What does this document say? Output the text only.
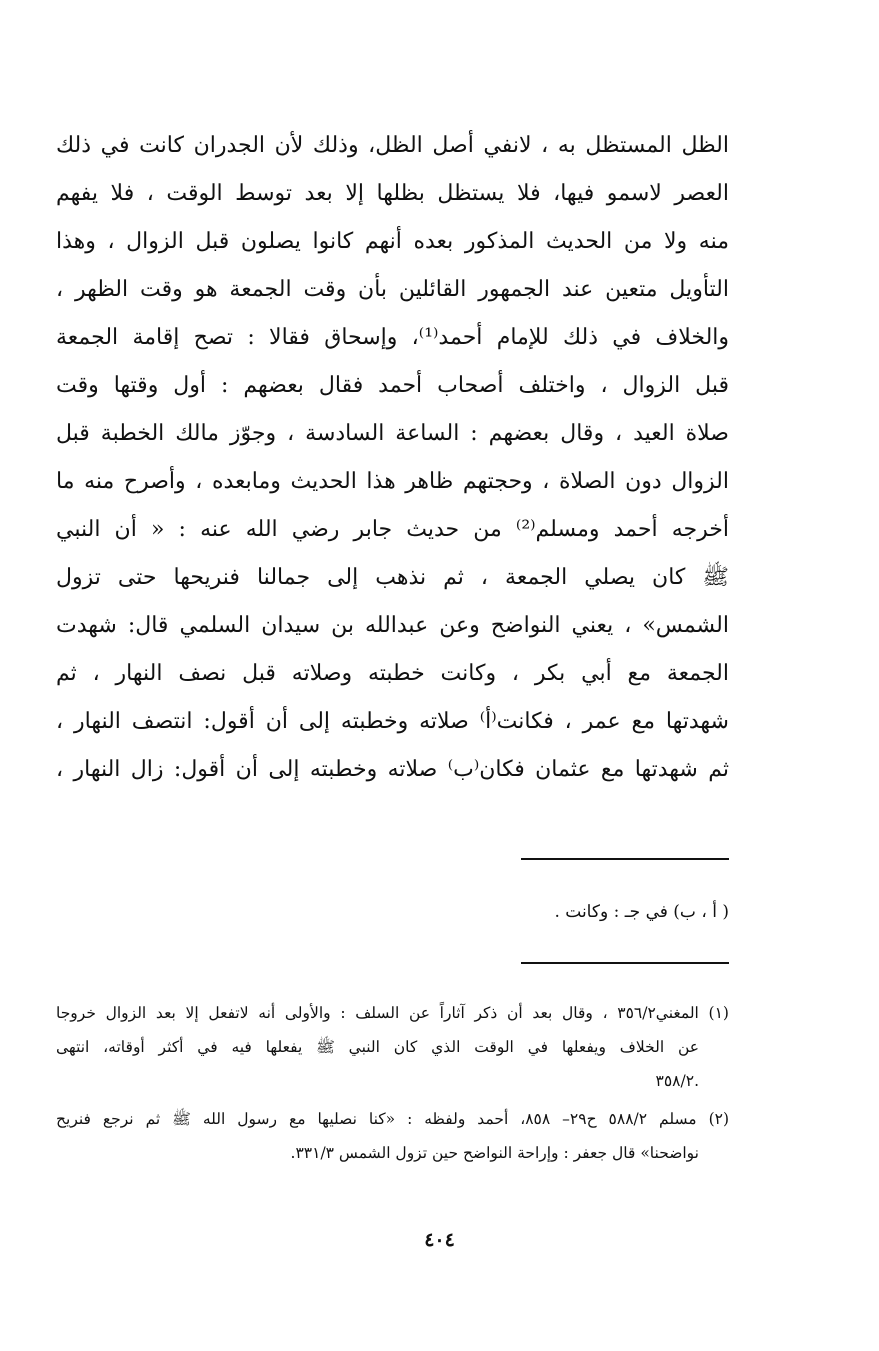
الظل المستظل به ، لانفي أصل الظل، وذلك لأن الجدران كانت في ذلك
العصر لاسمو فيها، فلا يستظل بظلها إلا بعد توسط الوقت ، فلا يفهم
منه ولا من الحديث المذكور بعده أنهم كانوا يصلون قبل الزوال ، وهذا
التأويل متعين عند الجمهور القائلين بأن وقت الجمعة هو وقت الظهر ،
والخلاف في ذلك للإمام أحمد⁽¹⁾، وإسحاق فقالا : تصح إقامة الجمعة
قبل الزوال ، واختلف أصحاب أحمد فقال بعضهم : أول وقتها وقت
صلاة العيد ، وقال بعضهم : الساعة السادسة ، وجوّز مالك الخطبة قبل
الزوال دون الصلاة ، وحجتهم ظاهر هذا الحديث ومابعده ، وأصرح منه ما
أخرجه أحمد ومسلم⁽²⁾ من حديث جابر رضي الله عنه : « أن النبي
ﷺ كان يصلي الجمعة ، ثم نذهب إلى جمالنا فنريحها حتى تزول
الشمس» ، يعني النواضح وعن عبدالله بن سيدان السلمي قال: شهدت
الجمعة مع أبي بكر ، وكانت خطبته وصلاته قبل نصف النهار ، ثم
شهدتها مع عمر ، فكانت⁽أ⁾ صلاته وخطبته إلى أن أقول: انتصف النهار ،
ثم شهدتها مع عثمان فكان⁽ب⁾ صلاته وخطبته إلى أن أقول: زال النهار ،
( أ ، ب) في جـ : وكانت .
(١) المغني٣٥٦/٢ ، وقال بعد أن ذكر آثاراً عن السلف : والأولى أنه لاتفعل إلا بعد الزوال خروجا
عن الخلاف ويفعلها في الوقت الذي كان النبي ﷺ يفعلها فيه في أكثر أوقاته، انتهى
.٣٥٨/٢
(٢) مسلم ٥٨٨/٢ ح٢٩– ٨٥٨، أحمد ولفظه : «كنا نصليها مع رسول الله ﷺ ثم نرجع فنريح
نواضحنا» قال جعفر : وإراحة النواضح حين تزول الشمس ٣٣١/٣.
٤٠٤
